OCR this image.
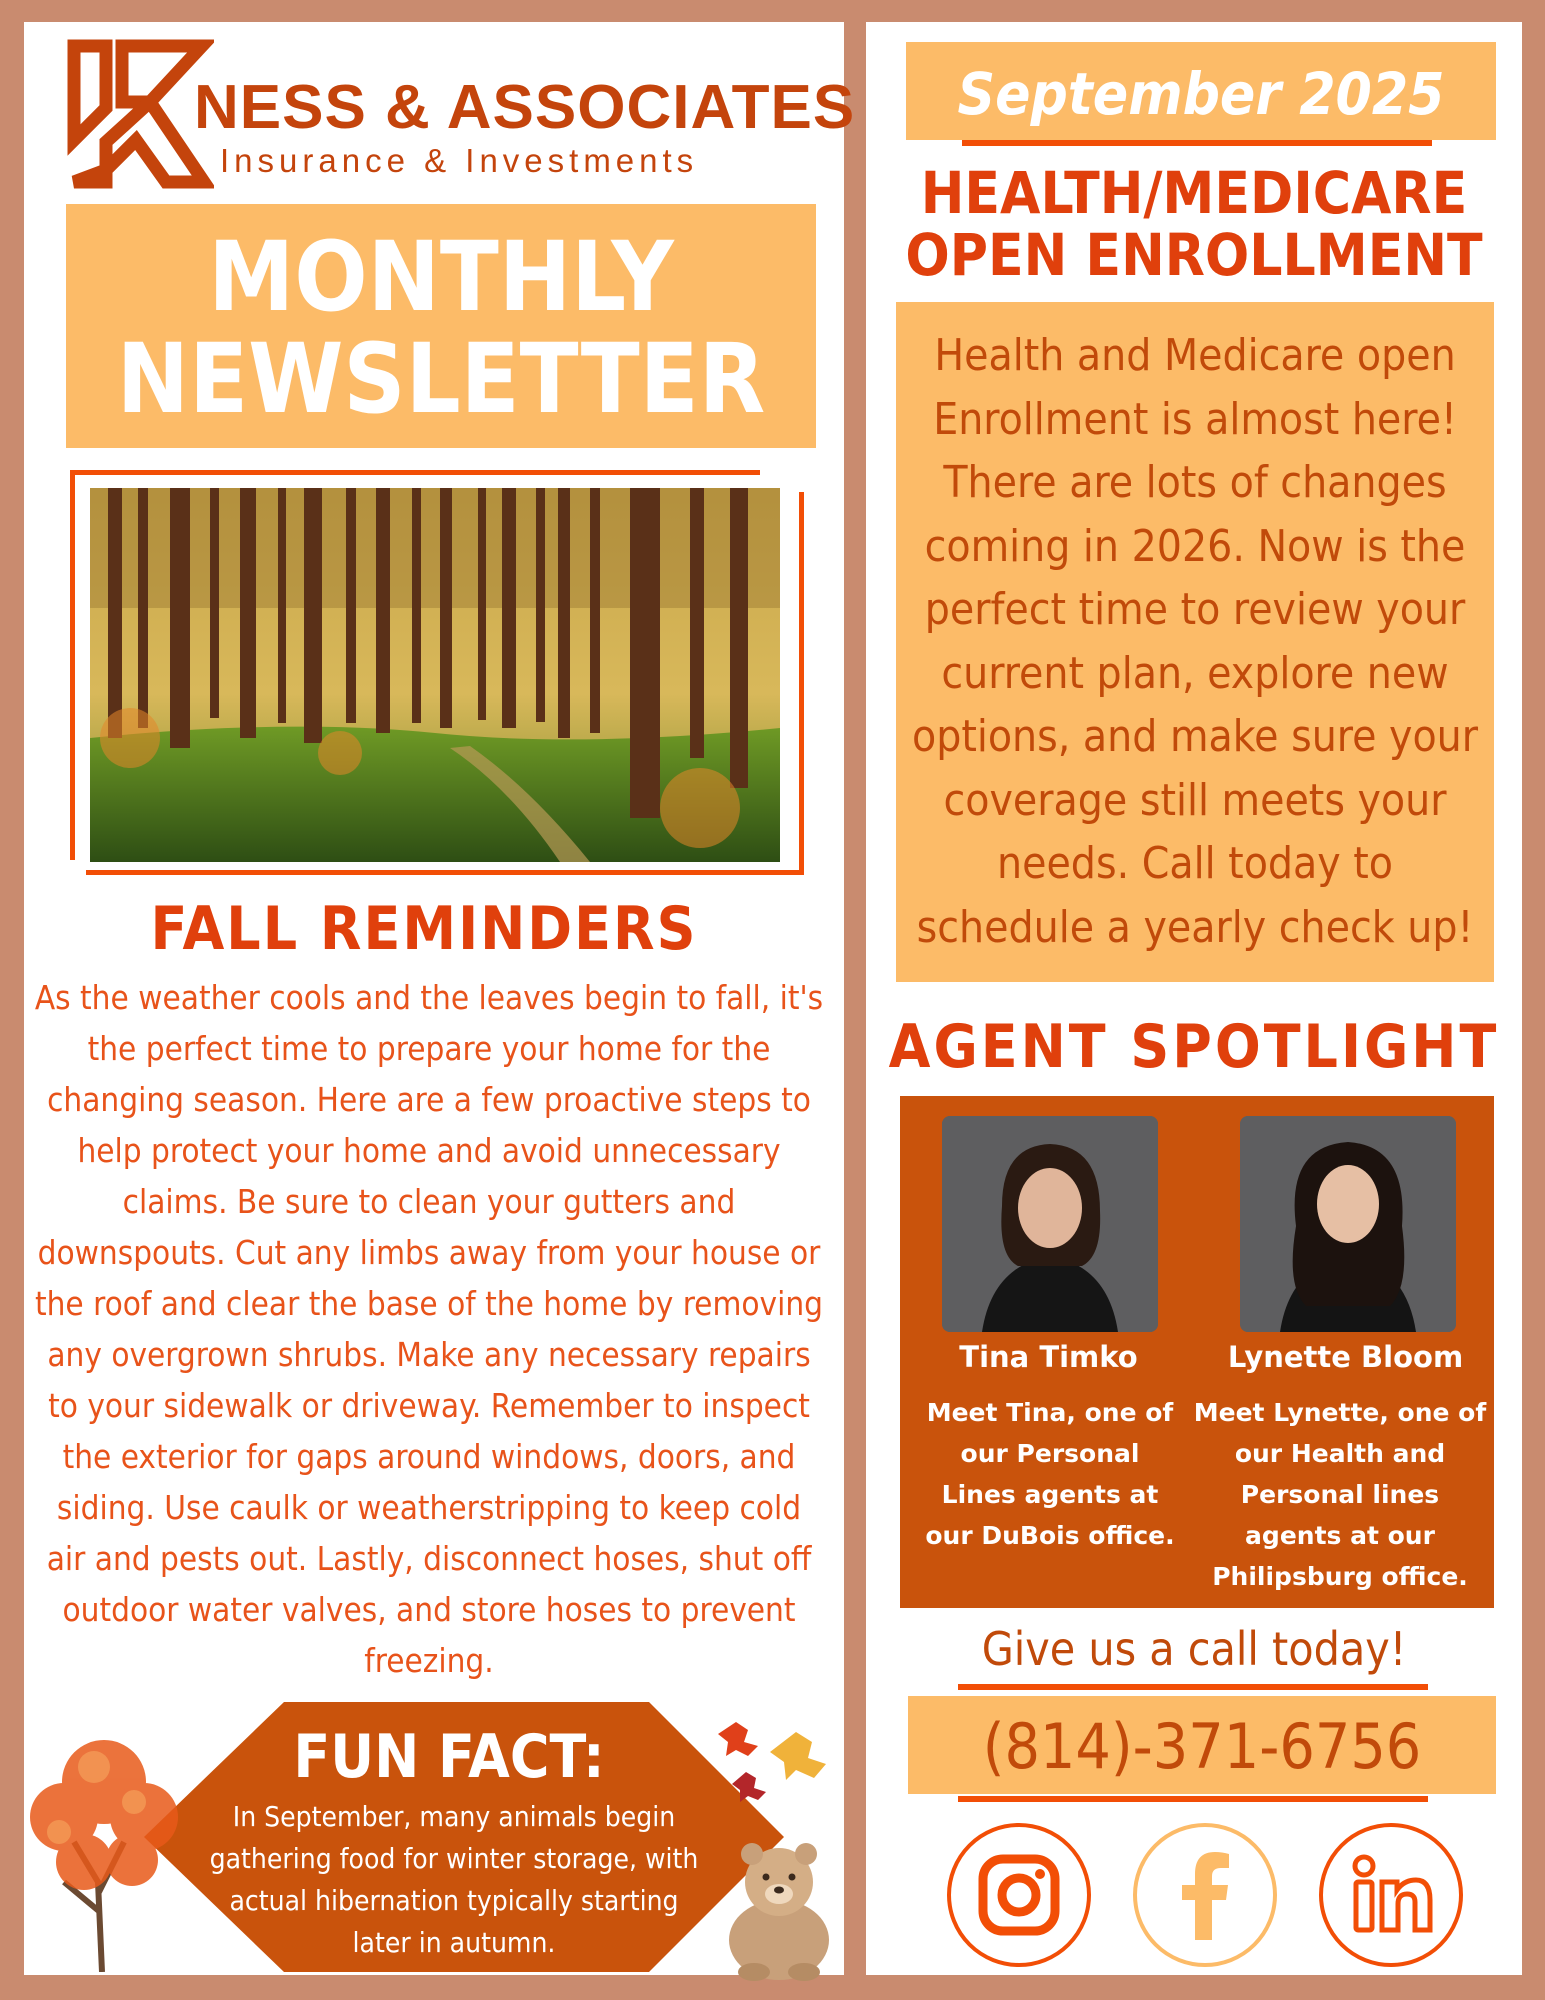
NESS & ASSOCIATES
Insurance & Investments
MONTHLY
NEWSLETTER
FALL REMINDERS
As the weather cools and the leaves begin to fall, it's the perfect time to prepare your home for the changing season. Here are a few proactive steps to help protect your home and avoid unnecessary claims. Be sure to clean your gutters and downspouts. Cut any limbs away from your house or the roof and clear the base of the home by removing any overgrown shrubs. Make any necessary repairs to your sidewalk or driveway. Remember to inspect the exterior for gaps around windows, doors, and siding. Use caulk or weatherstripping to keep cold air and pests out. Lastly, disconnect hoses, shut off outdoor water valves, and store hoses to prevent freezing.
FUN FACT:
In September, many animals begin gathering food for winter storage, with actual hibernation typically starting later in autumn.
September 2025
HEALTH/MEDICARE
OPEN ENROLLMENT
Health and Medicare open Enrollment is almost here! There are lots of changes coming in 2026. Now is the perfect time to review your current plan, explore new options, and make sure your coverage still meets your needs. Call today to schedule a yearly check up!
AGENT SPOTLIGHT
Tina Timko	Lynette Bloom
Meet Tina, one of our Personal Lines agents at our DuBois office.
Meet Lynette, one of our Health and Personal lines agents at our Philipsburg office.
Give us a call today!
(814)-371-6756
